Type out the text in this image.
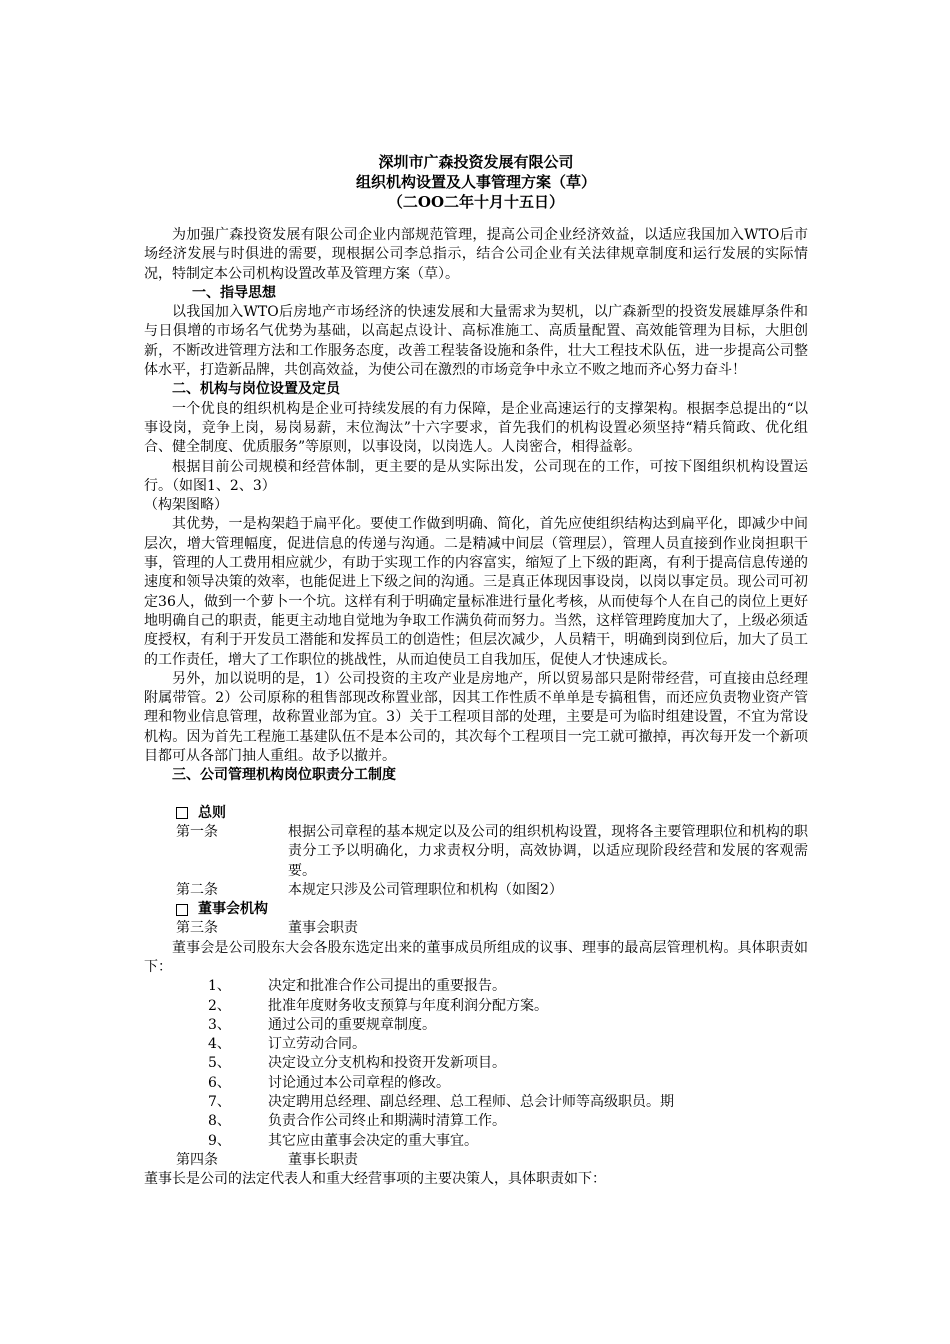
深圳市广森投资发展有限公司
组织机构设置及人事管理方案（草）
（二OO二年十月十五日）

为加强广森投资发展有限公司企业内部规范管理，提高公司企业经济效益，以适应我国加入WTO后市场经济发展与时俱进的需要，现根据公司李总指示，结合公司企业有关法律规章制度和运行发展的实际情况，特制定本公司机构设置改革及管理方案（草）。

一、指导思想

以我国加入WTO后房地产市场经济的快速发展和大量需求为契机，以广森新型的投资发展雄厚条件和与日俱增的市场名气优势为基础，以高起点设计、高标准施工、高质量配置、高效能管理为目标，大胆创新，不断改进管理方法和工作服务态度，改善工程装备设施和条件，壮大工程技术队伍，进一步提高公司整体水平，打造新品牌，共创高效益，为使公司在激烈的市场竞争中永立不败之地而齐心努力奋斗！

二、机构与岗位设置及定员

一个优良的组织机构是企业可持续发展的有力保障，是企业高速运行的支撑架构。根据李总提出的“以事设岗，竞争上岗，易岗易薪，末位淘汰”十六字要求，首先我们的机构设置必须坚持“精兵简政、优化组合、健全制度、优质服务”等原则，以事设岗，以岗选人。人岗密合，相得益彰。

根据目前公司规模和经营体制，更主要的是从实际出发，公司现在的工作，可按下图组织机构设置运行。（如图1、2、3）

（构架图略）

其优势，一是构架趋于扁平化。要使工作做到明确、简化，首先应使组织结构达到扁平化，即减少中间层次，增大管理幅度，促进信息的传递与沟通。二是精减中间层（管理层），管理人员直接到作业岗担职干事，管理的人工费用相应就少，有助于实现工作的内容富实，缩短了上下级的距离，有利于提高信息传递的速度和领导决策的效率，也能促进上下级之间的沟通。三是真正体现因事设岗，以岗以事定员。现公司可初定36人，做到一个萝卜一个坑。这样有利于明确定量标准进行量化考核，从而使每个人在自己的岗位上更好地明确自己的职责，能更主动地自觉地为争取工作满负荷而努力。当然，这样管理跨度加大了，上级必须适度授权，有利于开发员工潜能和发挥员工的创造性；但层次减少，人员精干，明确到岗到位后，加大了员工的工作责任，增大了工作职位的挑战性，从而迫使员工自我加压，促使人才快速成长。

另外，加以说明的是，1）公司投资的主攻产业是房地产，所以贸易部只是附带经营，可直接由总经理附属带管。2）公司原称的租售部现改称置业部，因其工作性质不单单是专搞租售，而还应负责物业资产管理和物业信息管理，故称置业部为宜。3）关于工程项目部的处理，主要是可为临时组建设置，不宜为常设机构。因为首先工程施工基建队伍不是本公司的，其次每个工程项目一完工就可撤掉，再次每开发一个新项目都可从各部门抽人重组。故予以撤并。

三、公司管理机构岗位职责分工制度
总则
第一条	根据公司章程的基本规定以及公司的组织机构设置，现将各主要管理职位和机构的职责分工予以明确化，力求责权分明，高效协调，以适应现阶段经营和发展的客观需要。
第二条	本规定只涉及公司管理职位和机构（如图2）
董事会机构
第三条	董事会职责

董事会是公司股东大会各股东选定出来的董事成员所组成的议事、理事的最高层管理机构。具体职责如下：

1、	决定和批准合作公司提出的重要报告。
2、	批准年度财务收支预算与年度利润分配方案。
3、	通过公司的重要规章制度。
4、	订立劳动合同。
5、	决定设立分支机构和投资开发新项目。
6、	讨论通过本公司章程的修改。
7、	决定聘用总经理、副总经理、总工程师、总会计师等高级职员。期
8、	负责合作公司终止和期满时清算工作。
9、	其它应由董事会决定的重大事宜。
第四条	董事长职责

董事长是公司的法定代表人和重大经营事项的主要决策人，具体职责如下：
